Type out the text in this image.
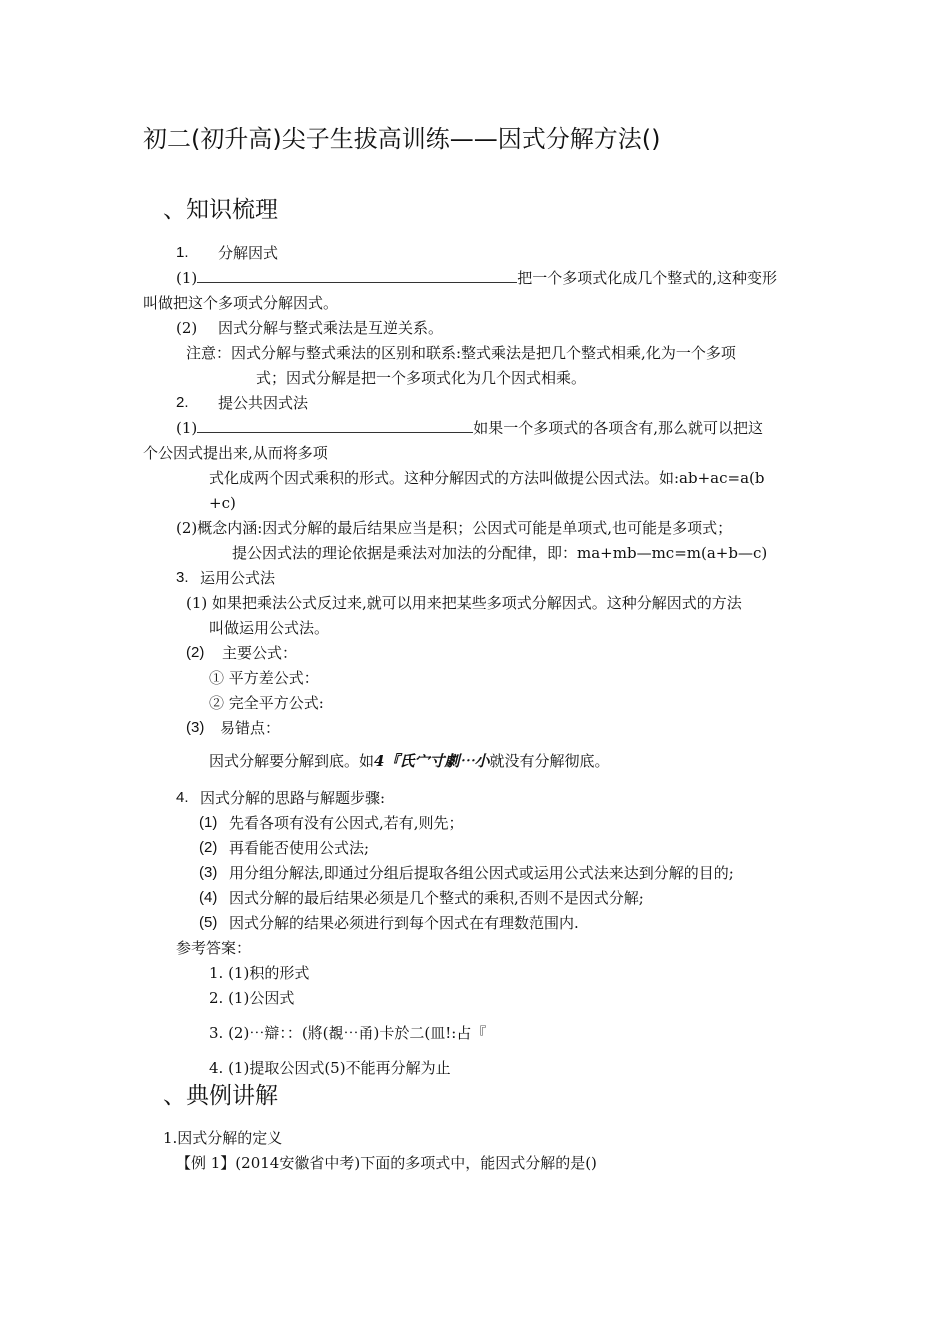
初二(初升高)尖子生拔高训练——因式分解方法()
、知识梳理
1. 分解因式
(1)	把一个多项式化成几个整式的,这种变形
叫做把这个多项式分解因式。
(2) 因式分解与整式乘法是互逆关系。
注意：因式分解与整式乘法的区别和联系:整式乘法是把几个整式相乘,化为一个多项
式；因式分解是把一个多项式化为几个因式相乘。
2. 提公共因式法
(1)	如果一个多项式的各项含有,那么就可以把这
个公因式提出来,从而将多项
式化成两个因式乘积的形式。这种分解因式的方法叫做提公因式法。如:ab+ac=a(b
+c)
(2)概念内涵:因式分解的最后结果应当是积；公因式可能是单项式,也可能是多项式；
提公因式法的理论依据是乘法对加法的分配律，即：ma+mb—mc=m(a+b—c)
3. 运用公式法
(1) 如果把乘法公式反过来,就可以用来把某些多项式分解因式。这种分解因式的方法
叫做运用公式法。
(2) 主要公式：
① 平方差公式：
② 完全平方公式:
(3) 易错点：
因式分解要分解到底。如4『氏宀寸劇⋯小就没有分解彻底。
4. 因式分解的思路与解题步骤:
(1) 先看各项有没有公因式,若有,则先；
(2) 再看能否使用公式法;
(3) 用分组分解法,即通过分组后提取各组公因式或运用公式法来达到分解的目的;
(4) 因式分解的最后结果必须是几个整式的乘积,否则不是因式分解;
(5) 因式分解的结果必须进行到每个因式在有理数范围内.
参考答案：
1. (1)积的形式
2. (1)公因式
3. (2)⋯辯：：(將(覩⋯甬)卡於二(皿!:占『
4. (1)提取公因式(5)不能再分解为止
、典例讲解
1.因式分解的定义
【例 1】(2014安徽省中考)下面的多项式中，能因式分解的是()
